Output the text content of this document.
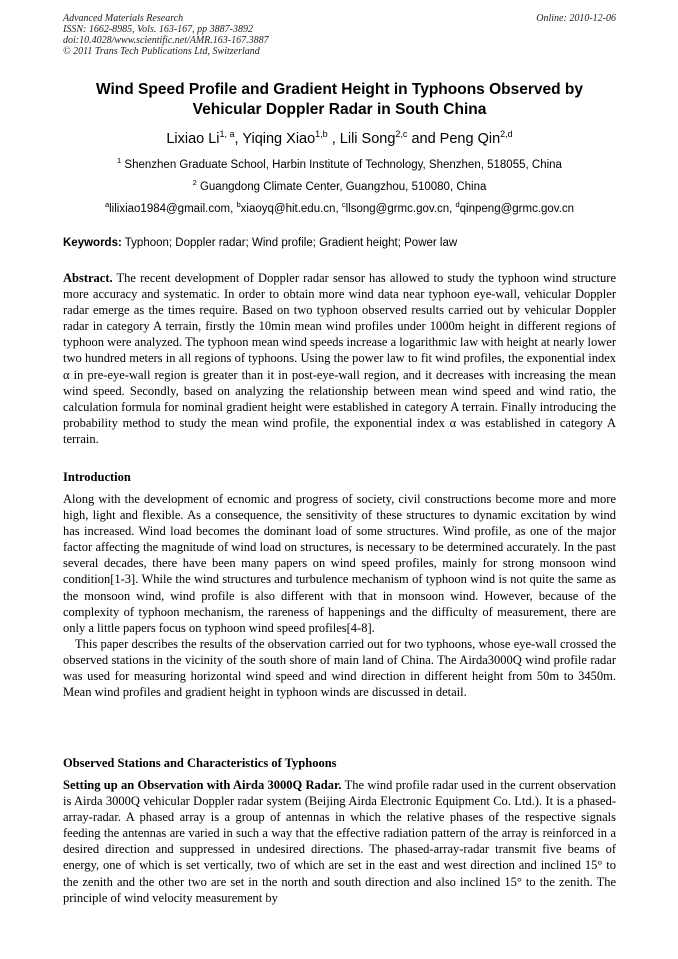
Advanced Materials Research
ISSN: 1662-8985, Vols. 163-167, pp 3887-3892
doi:10.4028/www.scientific.net/AMR.163-167.3887
© 2011 Trans Tech Publications Ltd, Switzerland
Online: 2010-12-06
Wind Speed Profile and Gradient Height in Typhoons Observed by
Vehicular Doppler Radar in South China
Lixiao Li$^{1, a}$, Yiqing Xiao$^{1,b}$ , Lili Song$^{2,c}$ and Peng Qin$^{2,d}$
$^1$ Shenzhen Graduate School, Harbin Institute of Technology, Shenzhen, 518055, China
$^2$ Guangdong Climate Center, Guangzhou, 510080, China
$^a$lilixiao1984@gmail.com, $^b$xiaoyq@hit.edu.cn, $^c$llsong@grmc.gov.cn, $^d$qinpeng@grmc.gov.cn
Keywords: Typhoon; Doppler radar; Wind profile; Gradient height; Power law
Abstract. The recent development of Doppler radar sensor has allowed to study the typhoon wind structure more accuracy and systematic. In order to obtain more wind data near typhoon eye-wall, vehicular Doppler radar emerge as the times require. Based on two typhoon observed results carried out by vehicular Doppler radar in category A terrain, firstly the 10min mean wind profiles under 1000m height in different regions of typhoon were analyzed. The typhoon mean wind speeds increase a logarithmic law with height at nearly lower two hundred meters in all regions of typhoons. Using the power law to fit wind profiles, the exponential index α in pre-eye-wall region is greater than it in post-eye-wall region, and it decreases with increasing the mean wind speed. Secondly, based on analyzing the relationship between mean wind speed and wind ratio, the calculation formula for nominal gradient height were established in category A terrain. Finally introducing the probability method to study the mean wind profile, the exponential index α was established in category A terrain.
Introduction

Along with the development of ecnomic and progress of society, civil constructions become more and more high, light and flexible. As a consequence, the sensitivity of these structures to dynamic excitation by wind has increased. Wind load becomes the dominant load of some structures. Wind profile, as one of the major factor affecting the magnitude of wind load on structures, is necessary to be determined accurately. In the past several decades, there have been many papers on wind speed profiles, mainly for strong monsoon wind condition[1-3]. While the wind structures and turbulence mechanism of typhoon wind is not quite the same as the monsoon wind, wind profile is also different with that in monsoon wind. However, because of the complexity of typhoon mechanism, the rareness of happenings and the difficulty of measurement, there are only a little papers focus on typhoon wind speed profiles[4-8].

This paper describes the results of the observation carried out for two typhoons, whose eye-wall crossed the observed stations in the vicinity of the south shore of main land of China. The Airda3000Q wind profile radar was used for measuring horizontal wind speed and wind direction in different height from 50m to 3450m. Mean wind profiles and gradient height in typhoon winds are discussed in detail.

Observed Stations and Characteristics of Typhoons

Setting up an Observation with Airda 3000Q Radar. The wind profile radar used in the current observation is Airda 3000Q vehicular Doppler radar system (Beijing Airda Electronic Equipment Co. Ltd.). It is a phased-array-radar. A phased array is a group of antennas in which the relative phases of the respective signals feeding the antennas are varied in such a way that the effective radiation pattern of the array is reinforced in a desired direction and suppressed in undesired directions. The phased-array-radar transmit five beams of energy, one of which is set vertically, two of which are set in the east and west direction and inclined 15° to the zenith and the other two are set in the north and south direction and also inclined 15° to the zenith. The principle of wind velocity measurement by
